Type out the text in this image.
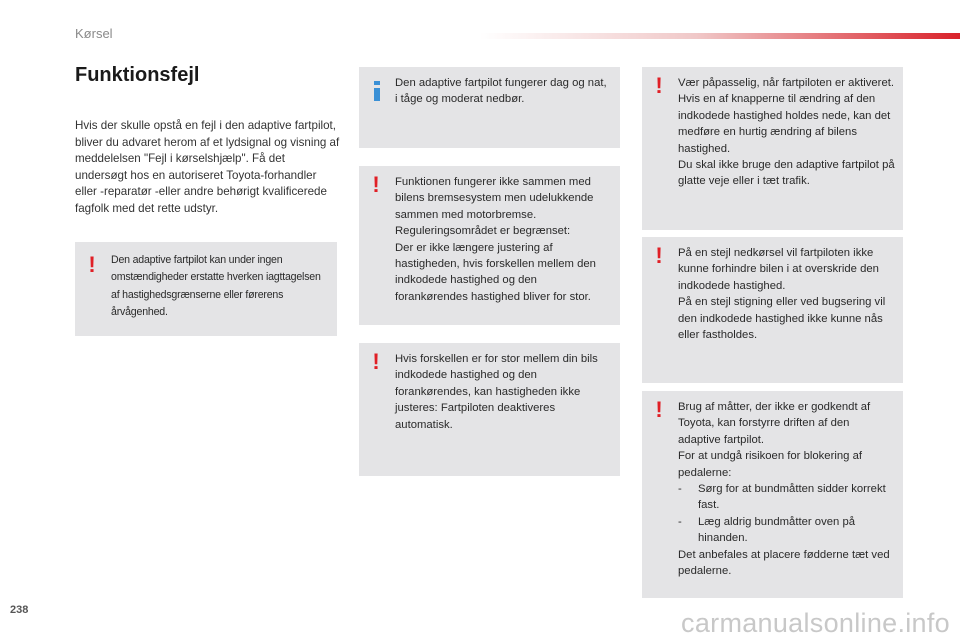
Kørsel
Funktionsfejl
Hvis der skulle opstå en fejl i den adaptive fartpilot, bliver du advaret herom af et lydsignal og visning af meddelelsen "Fejl i kørselshjælp". Få det undersøgt hos en autoriseret Toyota-forhandler eller -reparatør -eller andre behørigt kvalificerede fagfolk med det rette udstyr.
!	Den adaptive fartpilot kan under ingen omstændigheder erstatte hverken iagttagelsen af hastighedsgrænserne eller førerens årvågenhed.
Den adaptive fartpilot fungerer dag og nat, i tåge og moderat nedbør.
! Funktionen fungerer ikke sammen med bilens bremsesystem men udelukkende sammen med motorbremse.
Reguleringsområdet er begrænset:
Der er ikke længere justering af hastigheden, hvis forskellen mellem den indkodede hastighed og den forankørendes hastighed bliver for stor.
! Hvis forskellen er for stor mellem din bils indkodede hastighed og den forankørendes, kan hastigheden ikke justeres: Fartpiloten deaktiveres automatisk.
! Vær påpasselig, når fartpiloten er aktiveret. Hvis en af knapperne til ændring af den indkodede hastighed holdes nede, kan det medføre en hurtig ændring af bilens hastighed.
Du skal ikke bruge den adaptive fartpilot på glatte veje eller i tæt trafik.
! På en stejl nedkørsel vil fartpiloten ikke kunne forhindre bilen i at overskride den indkodede hastighed.
På en stejl stigning eller ved bugsering vil den indkodede hastighed ikke kunne nås eller fastholdes.
! Brug af måtter, der ikke er godkendt af Toyota, kan forstyrre driften af den adaptive fartpilot.
For at undgå risikoen for blokering af pedalerne:
-	Sørg for at bundmåtten sidder korrekt fast.
-	Læg aldrig bundmåtter oven på hinanden.
Det anbefales at placere fødderne tæt ved pedalerne.
238	carmanualsonline.info
